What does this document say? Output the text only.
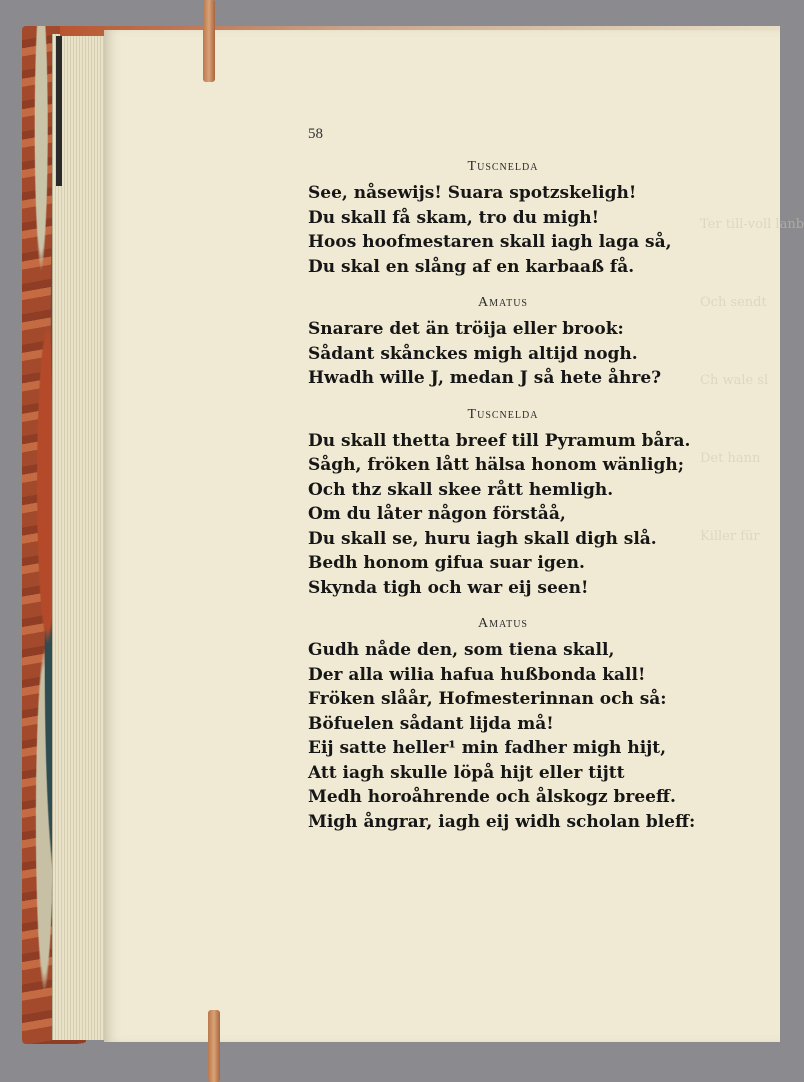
Ter till-voll lanb

Och sendt

Ch wale sl

Det hann

Killer für

58
Tuscnelda
See, nåsewijs! Suara spotzskeligh!
Du skall få skam, tro du migh!
Hoos hoofmestaren skall iagh laga så,
Du skal en slång af en karbaaß få.
Amatus
Snarare det än tröija eller brook:
Sådant skånckes migh altijd nogh.
Hwadh wille J, medan J så hete åhre?
Tuscnelda
Du skall thetta breef till Pyramum båra.
Sågh, fröken lått hälsa honom wänligh;
Och thz skall skee rått hemligh.
Om du låter någon förståå,
Du skall se, huru iagh skall digh slå.
Bedh honom gifua suar igen.
Skynda tigh och war eij seen!
Amatus
Gudh nåde den, som tiena skall,
Der alla wilia hafua hußbonda kall!
Fröken slåår, Hofmesterinnan och så:
Böfuelen sådant lijda må!
Eij satte heller¹ min fadher migh hijt,
Att iagh skulle löpå hijt eller tijtt
Medh horoåhrende och ålskogz breeff.
Migh ångrar, iagh eij widh scholan bleff:
